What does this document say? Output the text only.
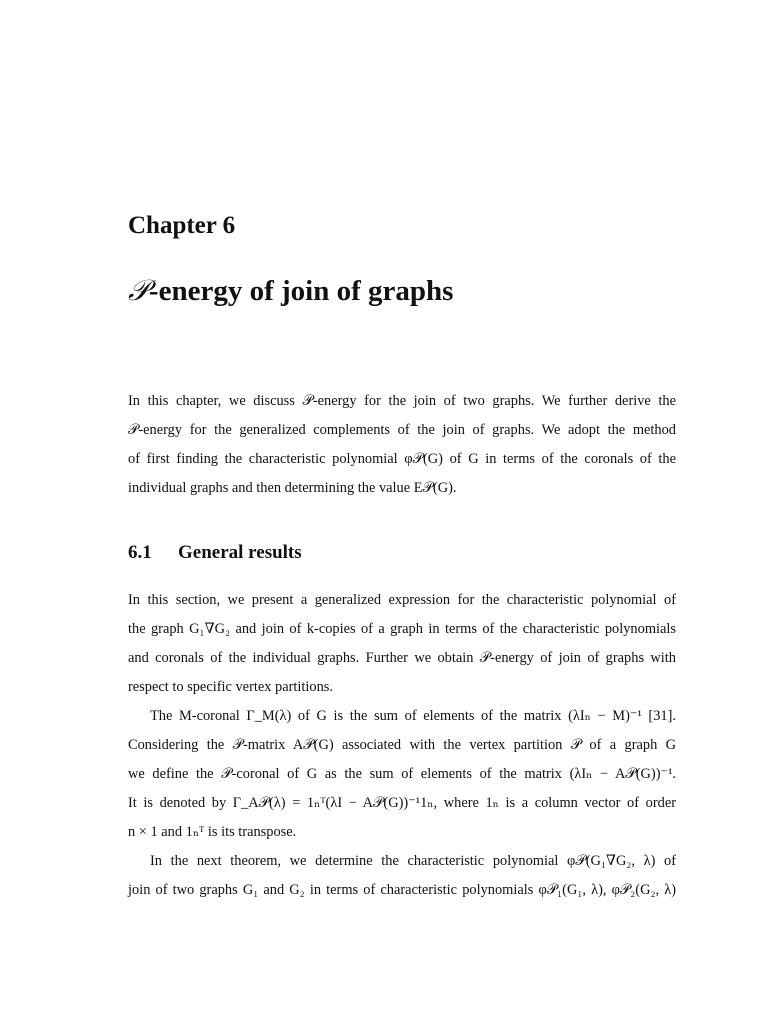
Chapter 6
𝒫-energy of join of graphs
In this chapter, we discuss 𝒫-energy for the join of two graphs. We further derive the
𝒫-energy for the generalized complements of the join of graphs. We adopt the method
of first finding the characteristic polynomial φ𝒫(G) of G in terms of the coronals of the
individual graphs and then determining the value E𝒫(G).
6.1 General results
In this section, we present a generalized expression for the characteristic polynomial of
the graph G₁∇G₂ and join of k-copies of a graph in terms of the characteristic polynomials
and coronals of the individual graphs. Further we obtain 𝒫-energy of join of graphs with
respect to specific vertex partitions.
The M-coronal Γ_M(λ) of G is the sum of elements of the matrix (λIₙ − M)⁻¹ [31].
Considering the 𝒫-matrix A𝒫(G) associated with the vertex partition 𝒫 of a graph G
we define the 𝒫-coronal of G as the sum of elements of the matrix (λIₙ − A𝒫(G))⁻¹.
It is denoted by Γ_A𝒫(λ) = 1ₙᵀ(λI − A𝒫(G))⁻¹1ₙ, where 1ₙ is a column vector of order
n × 1 and 1ₙᵀ is its transpose.
In the next theorem, we determine the characteristic polynomial φ𝒫(G₁∇G₂, λ) of
join of two graphs G₁ and G₂ in terms of characteristic polynomials φ𝒫₁(G₁, λ), φ𝒫₂(G₂, λ)
